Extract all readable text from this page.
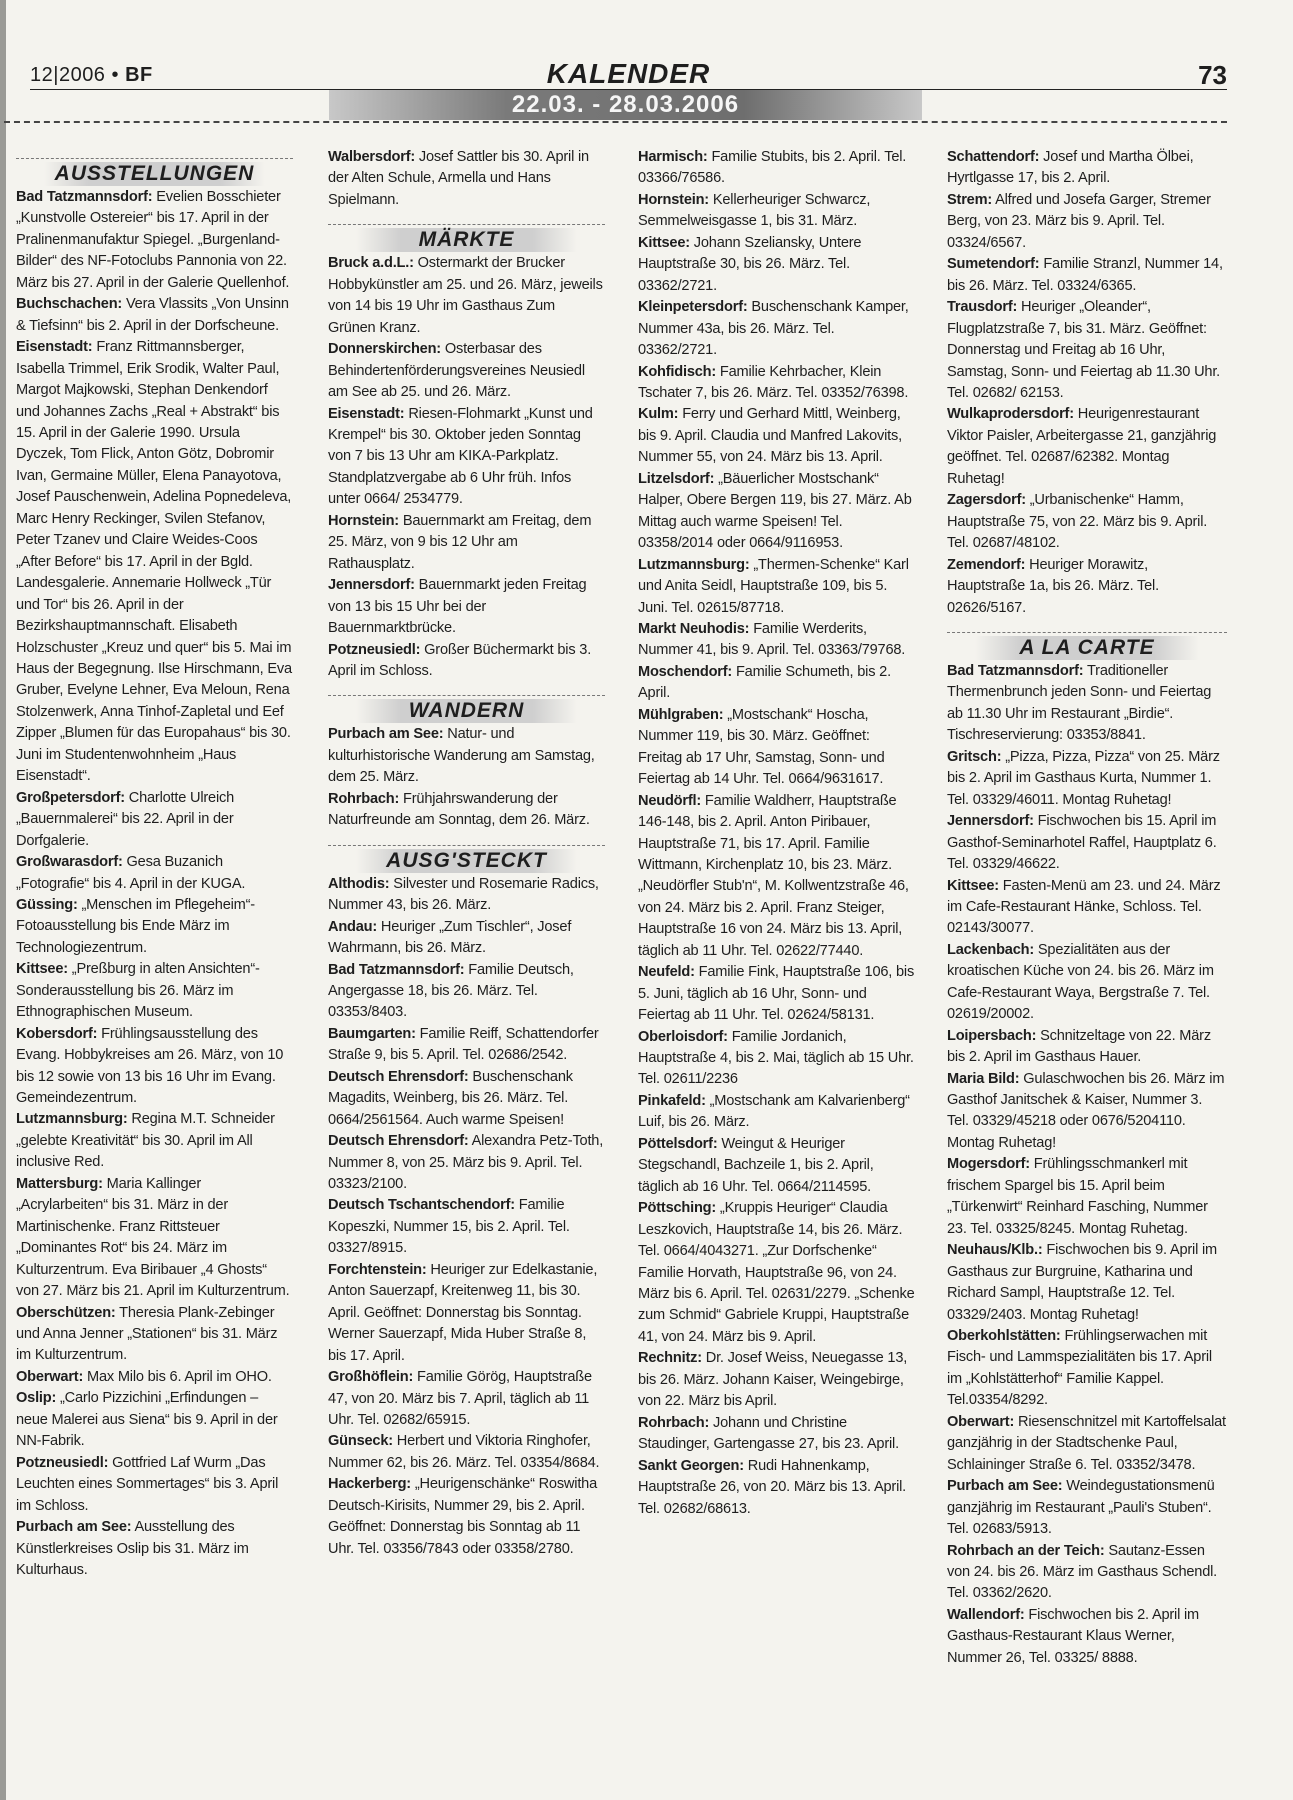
12|2006 • BF	KALENDER	73
22.03. - 28.03.2006
AUSSTELLUNGEN
Bad Tatzmannsdorf: Evelien Bosschieter „Kunstvolle Ostereier“ bis 17. April in der Pralinenmanufaktur Spiegel. „Burgenland-Bilder“ des NF-Fotoclubs Pannonia von 22. März bis 27. April in der Galerie Quellenhof.
Buchschachen: Vera Vlassits „Von Unsinn & Tiefsinn“ bis 2. April in der Dorfscheune.
Eisenstadt: Franz Rittmannsberger, Isabella Trimmel, Erik Srodik, Walter Paul, Margot Majkowski, Stephan Denkendorf und Johannes Zachs „Real + Abstrakt“ bis 15. April in der Galerie 1990. Ursula Dyczek, Tom Flick, Anton Götz, Dobromir Ivan, Germaine Müller, Elena Panayotova, Josef Pauschenwein, Adelina Popnedeleva, Marc Henry Reckinger, Svilen Stefanov, Peter Tzanev und Claire Weides-Coos „After Before“ bis 17. April in der Bgld. Landesgalerie. Annemarie Hollweck „Tür und Tor“ bis 26. April in der Bezirkshauptmannschaft. Elisabeth Holzschuster „Kreuz und quer“ bis 5. Mai im Haus der Begegnung. Ilse Hirschmann, Eva Gruber, Evelyne Lehner, Eva Meloun, Rena Stolzenwerk, Anna Tinhof-Zapletal und Eef Zipper „Blumen für das Europahaus“ bis 30. Juni im Studentenwohnheim „Haus Eisenstadt“.
Großpetersdorf: Charlotte Ulreich „Bauernmalerei“ bis 22. April in der Dorfgalerie.
Großwarasdorf: Gesa Buzanich „Fotografie“ bis 4. April in der KUGA.
Güssing: „Menschen im Pflegeheim“- Fotoausstellung bis Ende März im Technologiezentrum.
Kittsee: „Preßburg in alten Ansichten“- Sonderausstellung bis 26. März im Ethnographischen Museum.
Kobersdorf: Frühlingsausstellung des Evang. Hobbykreises am 26. März, von 10 bis 12 sowie von 13 bis 16 Uhr im Evang. Gemeindezentrum.
Lutzmannsburg: Regina M.T. Schneider „gelebte Kreativität“ bis 30. April im All inclusive Red.
Mattersburg: Maria Kallinger „Acrylarbeiten“ bis 31. März in der Martinischenke. Franz Rittsteuer „Dominantes Rot“ bis 24. März im Kulturzentrum. Eva Biribauer „4 Ghosts“ von 27. März bis 21. April im Kulturzentrum.
Oberschützen: Theresia Plank-Zebinger und Anna Jenner „Stationen“ bis 31. März im Kulturzentrum.
Oberwart: Max Milo bis 6. April im OHO.
Oslip: „Carlo Pizzichini „Erfindungen – neue Malerei aus Siena“ bis 9. April in der NN-Fabrik.
Potzneusiedl: Gottfried Laf Wurm „Das Leuchten eines Sommertages“ bis 3. April im Schloss.
Purbach am See: Ausstellung des Künstlerkreises Oslip bis 31. März im Kulturhaus.
Walbersdorf: Josef Sattler bis 30. April in der Alten Schule, Armella und Hans Spielmann.
MÄRKTE
Bruck a.d.L.: Ostermarkt der Brucker Hobbykünstler am 25. und 26. März, jeweils von 14 bis 19 Uhr im Gasthaus Zum Grünen Kranz.
Donnerskirchen: Osterbasar des Behindertenförderungsvereines Neusiedl am See ab 25. und 26. März.
Eisenstadt: Riesen-Flohmarkt „Kunst und Krempel“ bis 30. Oktober jeden Sonntag von 7 bis 13 Uhr am KIKA-Parkplatz. Standplatzvergabe ab 6 Uhr früh. Infos unter 0664/ 2534779.
Hornstein: Bauernmarkt am Freitag, dem 25. März, von 9 bis 12 Uhr am Rathausplatz.
Jennersdorf: Bauernmarkt jeden Freitag von 13 bis 15 Uhr bei der Bauernmarktbrücke.
Potzneusiedl: Großer Büchermarkt bis 3. April im Schloss.
WANDERN
Purbach am See: Natur- und kulturhistorische Wanderung am Samstag, dem 25. März.
Rohrbach: Frühjahrswanderung der Naturfreunde am Sonntag, dem 26. März.
AUSG'STECKT
Althodis: Silvester und Rosemarie Radics, Nummer 43, bis 26. März.
Andau: Heuriger „Zum Tischler“, Josef Wahrmann, bis 26. März.
Bad Tatzmannsdorf: Familie Deutsch, Angergasse 18, bis 26. März. Tel. 03353/8403.
Baumgarten: Familie Reiff, Schattendorfer Straße 9, bis 5. April. Tel. 02686/2542.
Deutsch Ehrensdorf: Buschenschank Magadits, Weinberg, bis 26. März. Tel. 0664/2561564. Auch warme Speisen!
Deutsch Ehrensdorf: Alexandra Petz-Toth, Nummer 8, von 25. März bis 9. April. Tel. 03323/2100.
Deutsch Tschantschendorf: Familie Kopeszki, Nummer 15, bis 2. April. Tel. 03327/8915.
Forchtenstein: Heuriger zur Edelkastanie, Anton Sauerzapf, Kreitenweg 11, bis 30. April. Geöffnet: Donnerstag bis Sonntag. Werner Sauerzapf, Mida Huber Straße 8, bis 17. April.
Großhöflein: Familie Görög, Hauptstraße 47, von 20. März bis 7. April, täglich ab 11 Uhr. Tel. 02682/65915.
Günseck: Herbert und Viktoria Ringhofer, Nummer 62, bis 26. März. Tel. 03354/8684.
Hackerberg: „Heurigenschänke“ Roswitha Deutsch-Kirisits, Nummer 29, bis 2. April. Geöffnet: Donnerstag bis Sonntag ab 11 Uhr. Tel. 03356/7843 oder 03358/2780.
Harmisch: Familie Stubits, bis 2. April. Tel. 03366/76586.
Hornstein: Kellerheuriger Schwarcz, Semmelweisgasse 1, bis 31. März.
Kittsee: Johann Szeliansky, Untere Hauptstraße 30, bis 26. März. Tel. 03362/2721.
Kleinpetersdorf: Buschenschank Kamper, Nummer 43a, bis 26. März. Tel. 03362/2721.
Kohfidisch: Familie Kehrbacher, Klein Tschater 7, bis 26. März. Tel. 03352/76398.
Kulm: Ferry und Gerhard Mittl, Weinberg, bis 9. April. Claudia und Manfred Lakovits, Nummer 55, von 24. März bis 13. April.
Litzelsdorf: „Bäuerlicher Mostschank“ Halper, Obere Bergen 119, bis 27. März. Ab Mittag auch warme Speisen! Tel. 03358/2014 oder 0664/9116953.
Lutzmannsburg: „Thermen-Schenke“ Karl und Anita Seidl, Hauptstraße 109, bis 5. Juni. Tel. 02615/87718.
Markt Neuhodis: Familie Werderits, Nummer 41, bis 9. April. Tel. 03363/79768.
Moschendorf: Familie Schumeth, bis 2. April.
Mühlgraben: „Mostschank“ Hoscha, Nummer 119, bis 30. März. Geöffnet: Freitag ab 17 Uhr, Samstag, Sonn- und Feiertag ab 14 Uhr. Tel. 0664/9631617.
Neudörfl: Familie Waldherr, Hauptstraße 146-148, bis 2. April. Anton Piribauer, Hauptstraße 71, bis 17. April. Familie Wittmann, Kirchenplatz 10, bis 23. März. „Neudörfler Stub'n“, M. Kollwentzstraße 46, von 24. März bis 2. April. Franz Steiger, Hauptstraße 16 von 24. März bis 13. April, täglich ab 11 Uhr. Tel. 02622/77440.
Neufeld: Familie Fink, Hauptstraße 106, bis 5. Juni, täglich ab 16 Uhr, Sonn- und Feiertag ab 11 Uhr. Tel. 02624/58131.
Oberloisdorf: Familie Jordanich, Hauptstraße 4, bis 2. Mai, täglich ab 15 Uhr. Tel. 02611/2236
Pinkafeld: „Mostschank am Kalvarienberg“ Luif, bis 26. März.
Pöttelsdorf: Weingut & Heuriger Stegschandl, Bachzeile 1, bis 2. April, täglich ab 16 Uhr. Tel. 0664/2114595.
Pöttsching: „Kruppis Heuriger“ Claudia Leszkovich, Hauptstraße 14, bis 26. März. Tel. 0664/4043271. „Zur Dorfschenke“ Familie Horvath, Hauptstraße 96, von 24. März bis 6. April. Tel. 02631/2279. „Schenke zum Schmid“ Gabriele Kruppi, Hauptstraße 41, von 24. März bis 9. April.
Rechnitz: Dr. Josef Weiss, Neuegasse 13, bis 26. März. Johann Kaiser, Weingebirge, von 22. März bis April.
Rohrbach: Johann und Christine Staudinger, Gartengasse 27, bis 23. April.
Sankt Georgen: Rudi Hahnenkamp, Hauptstraße 26, von 20. März bis 13. April. Tel. 02682/68613.
Schattendorf: Josef und Martha Ölbei, Hyrtlgasse 17, bis 2. April.
Strem: Alfred und Josefa Garger, Stremer Berg, von 23. März bis 9. April. Tel. 03324/6567.
Sumetendorf: Familie Stranzl, Nummer 14, bis 26. März. Tel. 03324/6365.
Trausdorf: Heuriger „Oleander“, Flugplatzstraße 7, bis 31. März. Geöffnet: Donnerstag und Freitag ab 16 Uhr, Samstag, Sonn- und Feiertag ab 11.30 Uhr. Tel. 02682/ 62153.
Wulkaprodersdorf: Heurigenrestaurant Viktor Paisler, Arbeitergasse 21, ganzjährig geöffnet. Tel. 02687/62382. Montag Ruhetag!
Zagersdorf: „Urbanischenke“ Hamm, Hauptstraße 75, von 22. März bis 9. April. Tel. 02687/48102.
Zemendorf: Heuriger Morawitz, Hauptstraße 1a, bis 26. März. Tel. 02626/5167.
A LA CARTE
Bad Tatzmannsdorf: Traditioneller Thermenbrunch jeden Sonn- und Feiertag ab 11.30 Uhr im Restaurant „Birdie“. Tischreservierung: 03353/8841.
Gritsch: „Pizza, Pizza, Pizza“ von 25. März bis 2. April im Gasthaus Kurta, Nummer 1. Tel. 03329/46011. Montag Ruhetag!
Jennersdorf: Fischwochen bis 15. April im Gasthof-Seminarhotel Raffel, Hauptplatz 6. Tel. 03329/46622.
Kittsee: Fasten-Menü am 23. und 24. März im Cafe-Restaurant Hänke, Schloss. Tel. 02143/30077.
Lackenbach: Spezialitäten aus der kroatischen Küche von 24. bis 26. März im Cafe-Restaurant Waya, Bergstraße 7. Tel. 02619/20002.
Loipersbach: Schnitzeltage von 22. März bis 2. April im Gasthaus Hauer.
Maria Bild: Gulaschwochen bis 26. März im Gasthof Janitschek & Kaiser, Nummer 3. Tel. 03329/45218 oder 0676/5204110. Montag Ruhetag!
Mogersdorf: Frühlingsschmankerl mit frischem Spargel bis 15. April beim „Türkenwirt“ Reinhard Fasching, Nummer 23. Tel. 03325/8245. Montag Ruhetag.
Neuhaus/Klb.: Fischwochen bis 9. April im Gasthaus zur Burgruine, Katharina und Richard Sampl, Hauptstraße 12. Tel. 03329/2403. Montag Ruhetag!
Oberkohlstätten: Frühlingserwachen mit Fisch- und Lammspezialitäten bis 17. April im „Kohlstätterhof“ Familie Kappel. Tel.03354/8292.
Oberwart: Riesenschnitzel mit Kartoffelsalat ganzjährig in der Stadtschenke Paul, Schlaininger Straße 6. Tel. 03352/3478.
Purbach am See: Weindegustationsmenü ganzjährig im Restaurant „Pauli's Stuben“. Tel. 02683/5913.
Rohrbach an der Teich: Sautanz-Essen von 24. bis 26. März im Gasthaus Schendl. Tel. 03362/2620.
Wallendorf: Fischwochen bis 2. April im Gasthaus-Restaurant Klaus Werner, Nummer 26, Tel. 03325/ 8888.
